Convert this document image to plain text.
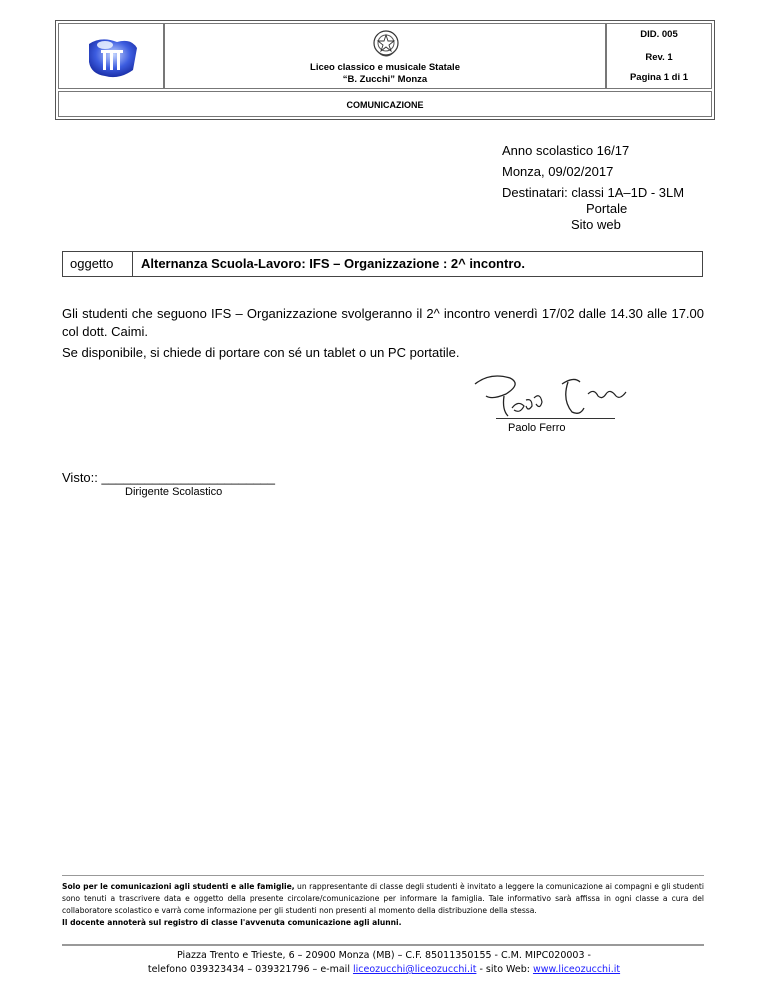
Liceo classico e musicale Statale
“B. Zucchi” Monza
DID. 005
Rev. 1
Pagina 1 di 1
COMUNICAZIONE
Anno scolastico 16/17
Monza, 09/02/2017
Destinatari: classi 1A–1D - 3LM
Portale
Sito web
oggetto	Alternanza Scuola-Lavoro: IFS – Organizzazione : 2^ incontro.
Gli studenti che seguono IFS – Organizzazione svolgeranno il 2^ incontro venerdì 17/02 dalle 14.30 alle 17.00 col dott. Caimi.
Se disponibile, si chiede di portare con sé un tablet o un PC portatile.
Paolo Ferro
Visto:: ________________________
Dirigente Scolastico
Solo per le comunicazioni agli studenti e alle famiglie, un rappresentante di classe degli studenti è invitato a leggere la comunicazione ai compagni e gli studenti sono tenuti a trascrivere data e oggetto della presente circolare/comunicazione per informare la famiglia. Tale informativo sarà affissa in ogni classe a cura del collaboratore scolastico e varrà come informazione per gli studenti non presenti al momento della distribuzione della stessa.
Il docente annoterà sul registro di classe l'avvenuta comunicazione agli alunni.
Piazza Trento e Trieste, 6 – 20900 Monza (MB) – C.F. 85011350155 - C.M. MIPC020003 -
telefono 039323434 – 039321796 – e-mail liceozucchi@liceozucchi.it - sito Web: www.liceozucchi.it
